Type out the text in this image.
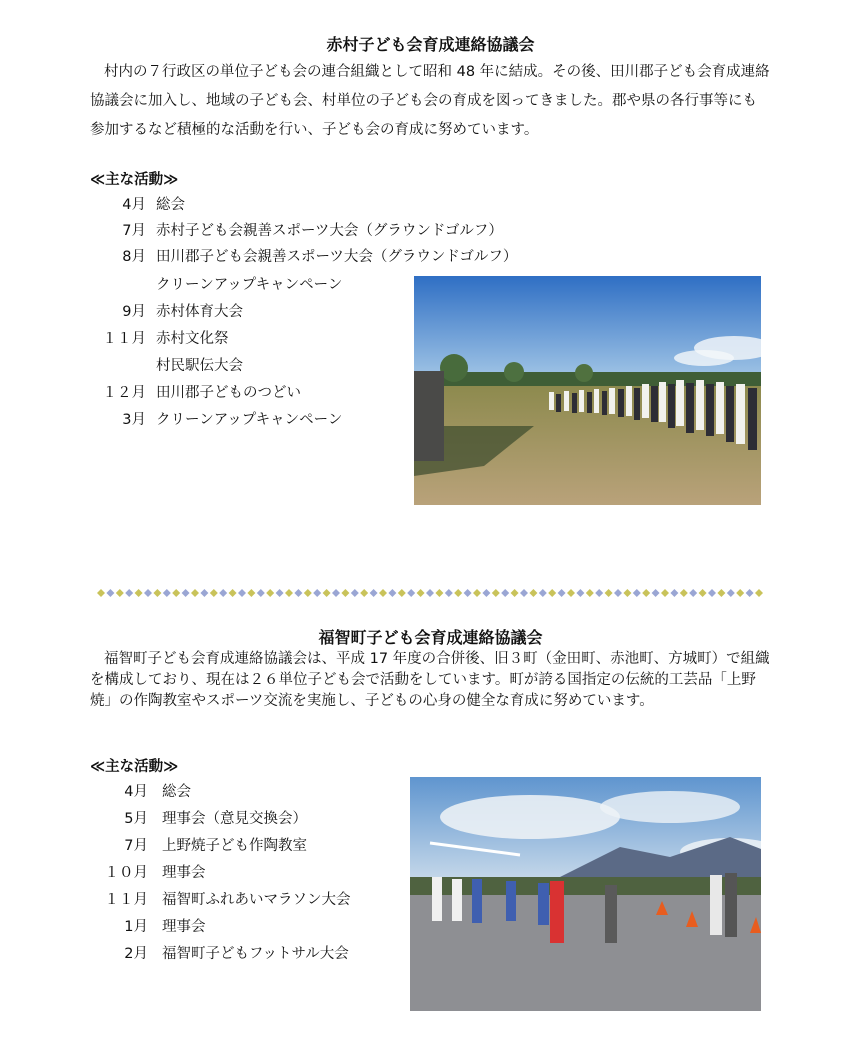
赤村子ども会育成連絡協議会
村内の７行政区の単位子ども会の連合組織として昭和 48 年に結成。その後、田川郡子ども会育成連絡協議会に加入し、地域の子ども会、村単位の子ども会の育成を図ってきました。郡や県の各行事等にも参加するなど積極的な活動を行い、子ども会の育成に努めています。
≪主な活動≫
4月 総会
7月 赤村子ども会親善スポーツ大会（グラウンドゴルフ）
8月 田川郡子ども会親善スポーツ大会（グラウンドゴルフ）
クリーンアップキャンペーン
9月 赤村体育大会
１１月 赤村文化祭
村民駅伝大会
１２月 田川郡子どものつどい
3月 クリーンアップキャンペーン
福智町子ども会育成連絡協議会
福智町子ども会育成連絡協議会は、平成 17 年度の合併後、旧３町（金田町、赤池町、方城町）で組織を構成しており、現在は２６単位子ども会で活動をしています。町が誇る国指定の伝統的工芸品「上野焼」の作陶教室やスポーツ交流を実施し、子どもの心身の健全な育成に努めています。
≪主な活動≫
4月 総会
5月 理事会（意見交換会）
7月 上野焼子ども作陶教室
１０月 理事会
１１月 福智町ふれあいマラソン大会
1月 理事会
2月 福智町子どもフットサル大会
